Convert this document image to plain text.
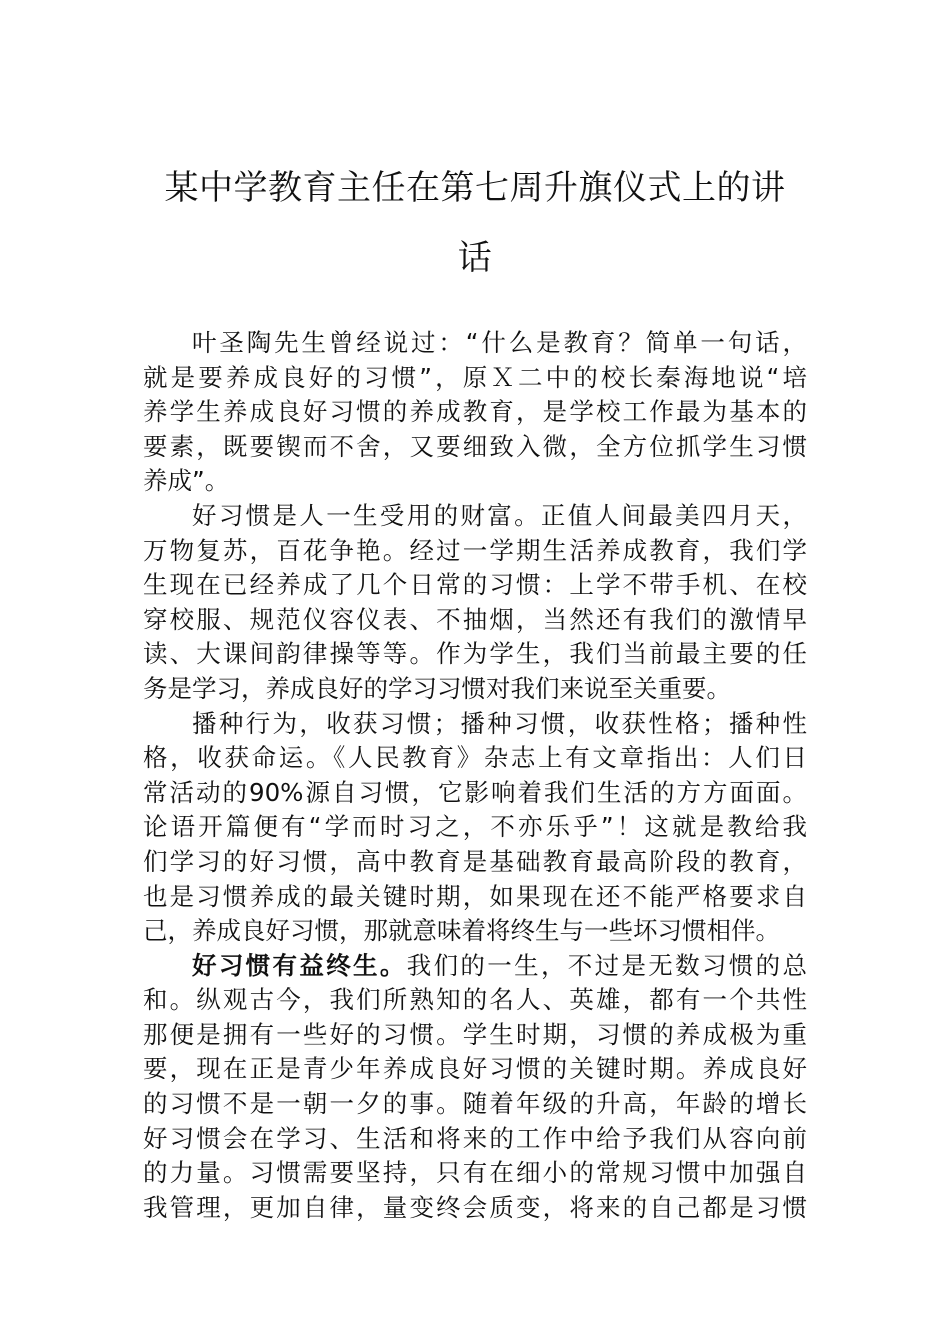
某中学教育主任在第七周升旗仪式上的讲
话
叶圣陶先生曾经说过：“什么是教育？简单一句话，
就是要养成良好的习惯”，原Ｘ二中的校长秦海地说“培
养学生养成良好习惯的养成教育，是学校工作最为基本的
要素，既要锲而不舍，又要细致入微，全方位抓学生习惯
养成”。
好习惯是人一生受用的财富。正值人间最美四月天，
万物复苏，百花争艳。经过一学期生活养成教育，我们学
生现在已经养成了几个日常的习惯：上学不带手机、在校
穿校服、规范仪容仪表、不抽烟，当然还有我们的激情早
读、大课间韵律操等等。作为学生，我们当前最主要的任
务是学习，养成良好的学习习惯对我们来说至关重要。
播种行为，收获习惯；播种习惯，收获性格；播种性
格，收获命运。《人民教育》杂志上有文章指出：人们日
常活动的90%源自习惯，它影响着我们生活的方方面面。
论语开篇便有“学而时习之，不亦乐乎”！这就是教给我
们学习的好习惯，高中教育是基础教育最高阶段的教育，
也是习惯养成的最关键时期，如果现在还不能严格要求自
己，养成良好习惯，那就意味着将终生与一些坏习惯相伴。
好习惯有益终生。我们的一生，不过是无数习惯的总
和。纵观古今，我们所熟知的名人、英雄，都有一个共性
那便是拥有一些好的习惯。学生时期，习惯的养成极为重
要，现在正是青少年养成良好习惯的关键时期。养成良好
的习惯不是一朝一夕的事。随着年级的升高，年龄的增长
好习惯会在学习、生活和将来的工作中给予我们从容向前
的力量。习惯需要坚持，只有在细小的常规习惯中加强自
我管理，更加自律，量变终会质变，将来的自己都是习惯
